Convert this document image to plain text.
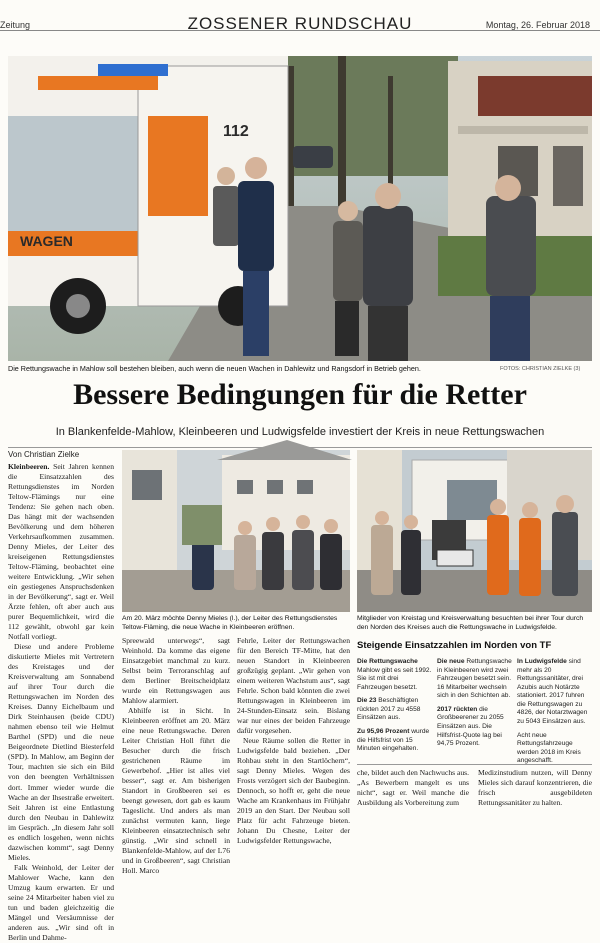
Zeitung	ZOSSENER RUNDSCHAU	Montag, 26. Februar 2018
WAGEN
112
Die Rettungswache in Mahlow soll bestehen bleiben, auch wenn die neuen Wachen in Dahlewitz und Rangsdorf in Betrieb gehen.	FOTOS: CHRISTIAN ZIELKE (3)
Bessere Bedingungen für die Retter
In Blankenfelde-Mahlow, Kleinbeeren und Ludwigsfelde investiert der Kreis in neue Rettungswachen
Von Christian Zielke

Kleinbeeren. Seit Jahren kennen die Einsatzzahlen des Rettungsdienstes im Norden Teltow-Flämings nur eine Tendenz: Sie gehen nach oben. Das hängt mit der wachsenden Bevölkerung und dem höheren Verkehrsaufkommen zusammen. Denny Mieles, der Leiter des kreiseigenen Rettungsdienstes Teltow-Fläming, beobachtet eine weitere Entwicklung. „Wir sehen ein gestiegenes Anspruchsdenken in der Bevölkerung“, sagt er. Weil Ärzte fehlen, oft aber auch aus purer Bequemlichkeit, wird die 112 gewählt, obwohl gar kein Notfall vorliegt.

Diese und andere Probleme diskutierte Mieles mit Vertretern des Kreistages und der Kreisverwaltung am Sonnabend auf ihrer Tour durch die Rettungswachen im Norden des Kreises. Danny Eichelbaum und Dirk Steinhausen (beide CDU) nahmen ebenso teil wie Helmut Barthel (SPD) und die neue Beigeordnete Dietlind Biesterfeld (SPD). In Mahlow, am Beginn der Tour, machten sie sich ein Bild von den beengten Verhältnissen dort. Immer wieder wurde die Wache an der Ihsestraße erweitert. Seit Jahren ist eine Entlastung durch den Neubau in Dahlewitz im Gespräch. „In diesem Jahr soll es endlich losgehen, wenn nichts dazwischen kommt“, sagt Denny Mieles.

Falk Weinhold, der Leiter der Mahlower Wache, kann den Umzug kaum erwarten. Er und seine 24 Mitarbeiter haben viel zu tun und baden gleichzeitig die Mängel und Versäumnisse der anderen aus. „Wir sind oft in Berlin und Dahme-

Am 20. März möchte Denny Mieles (l.), der Leiter des Rettungsdienstes Teltow-Fläming, die neue Wache in Kleinbeeren eröffnen.
Mitglieder von Kreistag und Kreisverwaltung besuchten bei ihrer Tour durch den Norden des Kreises auch die Rettungswache in Ludwigsfelde.

Spreewald unterwegs“, sagt Weinhold. Da komme das eigene Einsatzgebiet manchmal zu kurz. Selbst beim Terroranschlag auf dem Berliner Breitscheidplatz wurde ein Rettungswagen aus Mahlow alarmiert.

Abhilfe ist in Sicht. In Kleinbeeren eröffnet am 20. März eine neue Rettungswache. Deren Leiter Christian Holl führt die Besucher durch die frisch gestrichenen Räume im Gewerbehof. „Hier ist alles viel besser“, sagt er. Am bisherigen Standort in Großbeeren sei es beengt gewesen, dort gab es kaum Tageslicht. Und anders als man zunächst vermuten kann, liege Kleinbeeren einsatztechnisch sehr günstig. „Wir sind schnell in Blankenfelde-Mahlow, auf der L76 und in Großbeeren“, sagt Christian Holl. Marco

Fehrle, Leiter der Rettungswachen für den Bereich TF-Mitte, hat den neuen Standort in Kleinbeeren großzügig geplant. „Wir gehen von einem weiteren Wachstum aus“, sagt Fehrle. Schon bald könnten die zwei Rettungswagen in Kleinbeeren im 24-Stunden-Einsatz sein. Bislang war nur eines der beiden Fahrzeuge dafür vorgesehen.

Neue Räume sollen die Retter in Ludwigsfelde bald beziehen. „Der Rohbau steht in den Startlöchern“, sagt Denny Mieles. Wegen des Frosts verzögert sich der Baubeginn. Dennoch, so hofft er, geht die neue Wache am Krankenhaus im Frühjahr 2019 an den Start. Der Neubau soll Platz für acht Fahrzeuge bieten. Johann Du Chesne, Leiter der Ludwigsfelder Rettungswache,

Steigende Einsatzzahlen im Norden von TF

Die Rettungswache Mahlow gibt es seit 1992. Sie ist mit drei Fahrzeugen besetzt.

Die 23 Beschäftigten rückten 2017 zu 4558 Einsätzen aus.

Zu 95,96 Prozent wurde die Hilfsfrist von 15 Minuten eingehalten.

Die neue Rettungswache in Kleinbeeren wird zwei Fahrzeugen besetzt sein. 16 Mitarbeiter wechseln sich in den Schichten ab.

2017 rückten die Großbeerener zu 2055 Einsätzen aus. Die Hilfsfrist-Quote lag bei 94,75 Prozent.

In Ludwigsfelde sind mehr als 20 Rettungssanitäter, drei Azubis auch Notärzte stationiert. 2017 fuhren die Rettungswagen zu 4826, der Notarztwagen zu 5043 Einsätzen aus.

Acht neue Rettungsfahrzeuge werden 2018 im Kreis angeschafft.

che, bildet auch den Nachwuchs aus. „As Bewerbern mangelt es uns nicht“, sagt er. Weil manche die Ausbildung als Vorbereitung zum

Medizinstudium nutzen, will Denny Mieles sich darauf konzentrieren, die frisch ausgebildeten Rettungssanitäter zu halten.
